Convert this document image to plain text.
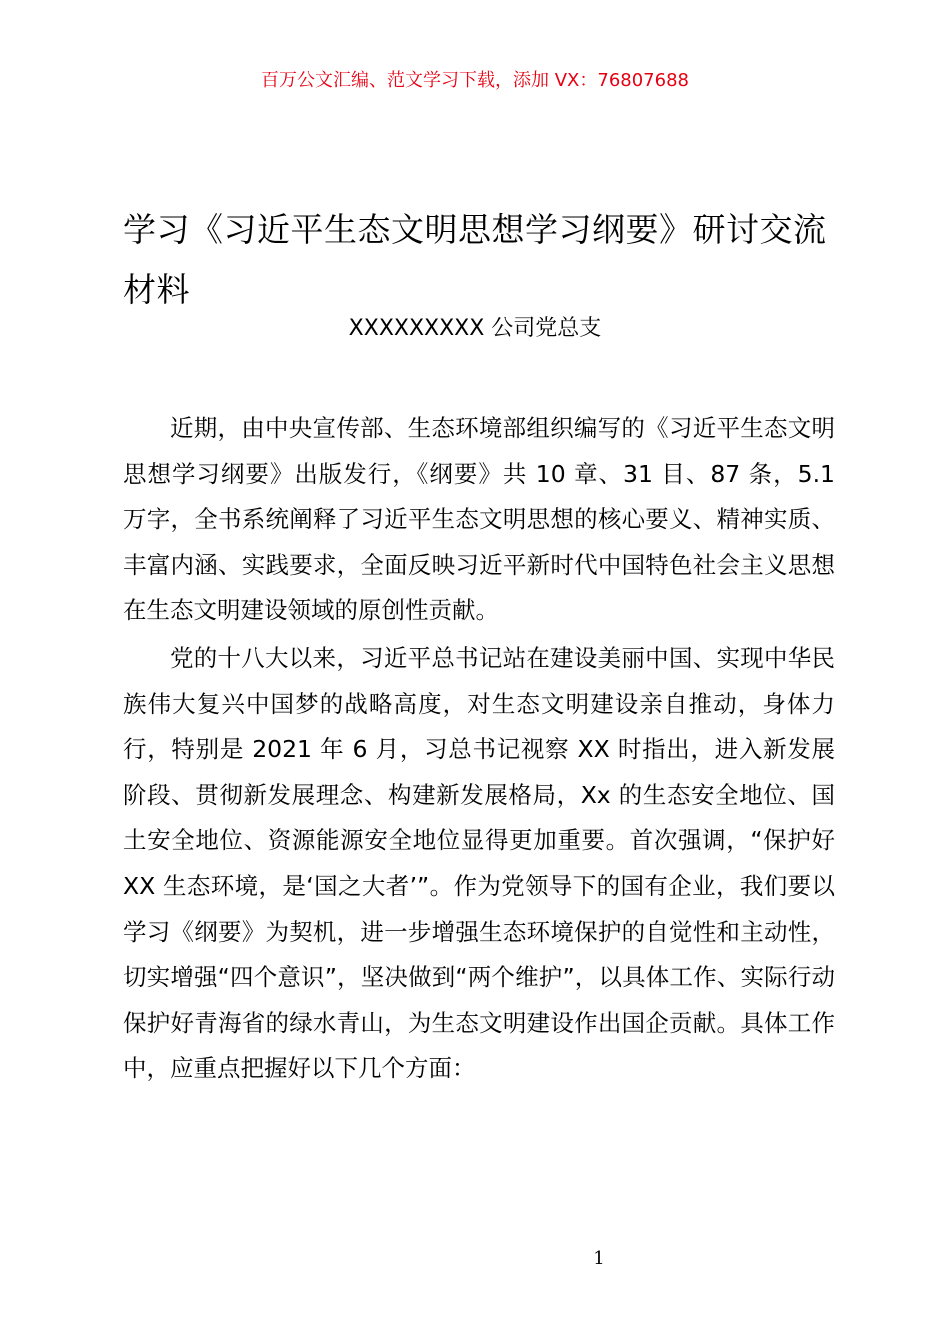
百万公文汇编、范文学习下载，添加 VX：76807688
学习《习近平生态文明思想学习纲要》研讨交流材料
XXXXXXXXX 公司党总支

近期，由中央宣传部、生态环境部组织编写的《习近平生态文明思想学习纲要》出版发行，《纲要》共 10 章、31 目、87 条，5.1 万字，全书系统阐释了习近平生态文明思想的核心要义、精神实质、丰富内涵、实践要求，全面反映习近平新时代中国特色社会主义思想在生态文明建设领域的原创性贡献。

党的十八大以来，习近平总书记站在建设美丽中国、实现中华民族伟大复兴中国梦的战略高度，对生态文明建设亲自推动，身体力行，特别是 2021 年 6 月，习总书记视察 XX 时指出，进入新发展阶段、贯彻新发展理念、构建新发展格局，Xx 的生态安全地位、国土安全地位、资源能源安全地位显得更加重要。首次强调，“保护好 XX 生态环境，是‘国之大者’”。作为党领导下的国有企业，我们要以学习《纲要》为契机，进一步增强生态环境保护的自觉性和主动性，切实增强“四个意识”，坚决做到“两个维护”，以具体工作、实际行动保护好青海省的绿水青山，为生态文明建设作出国企贡献。具体工作中，应重点把握好以下几个方面：

1
